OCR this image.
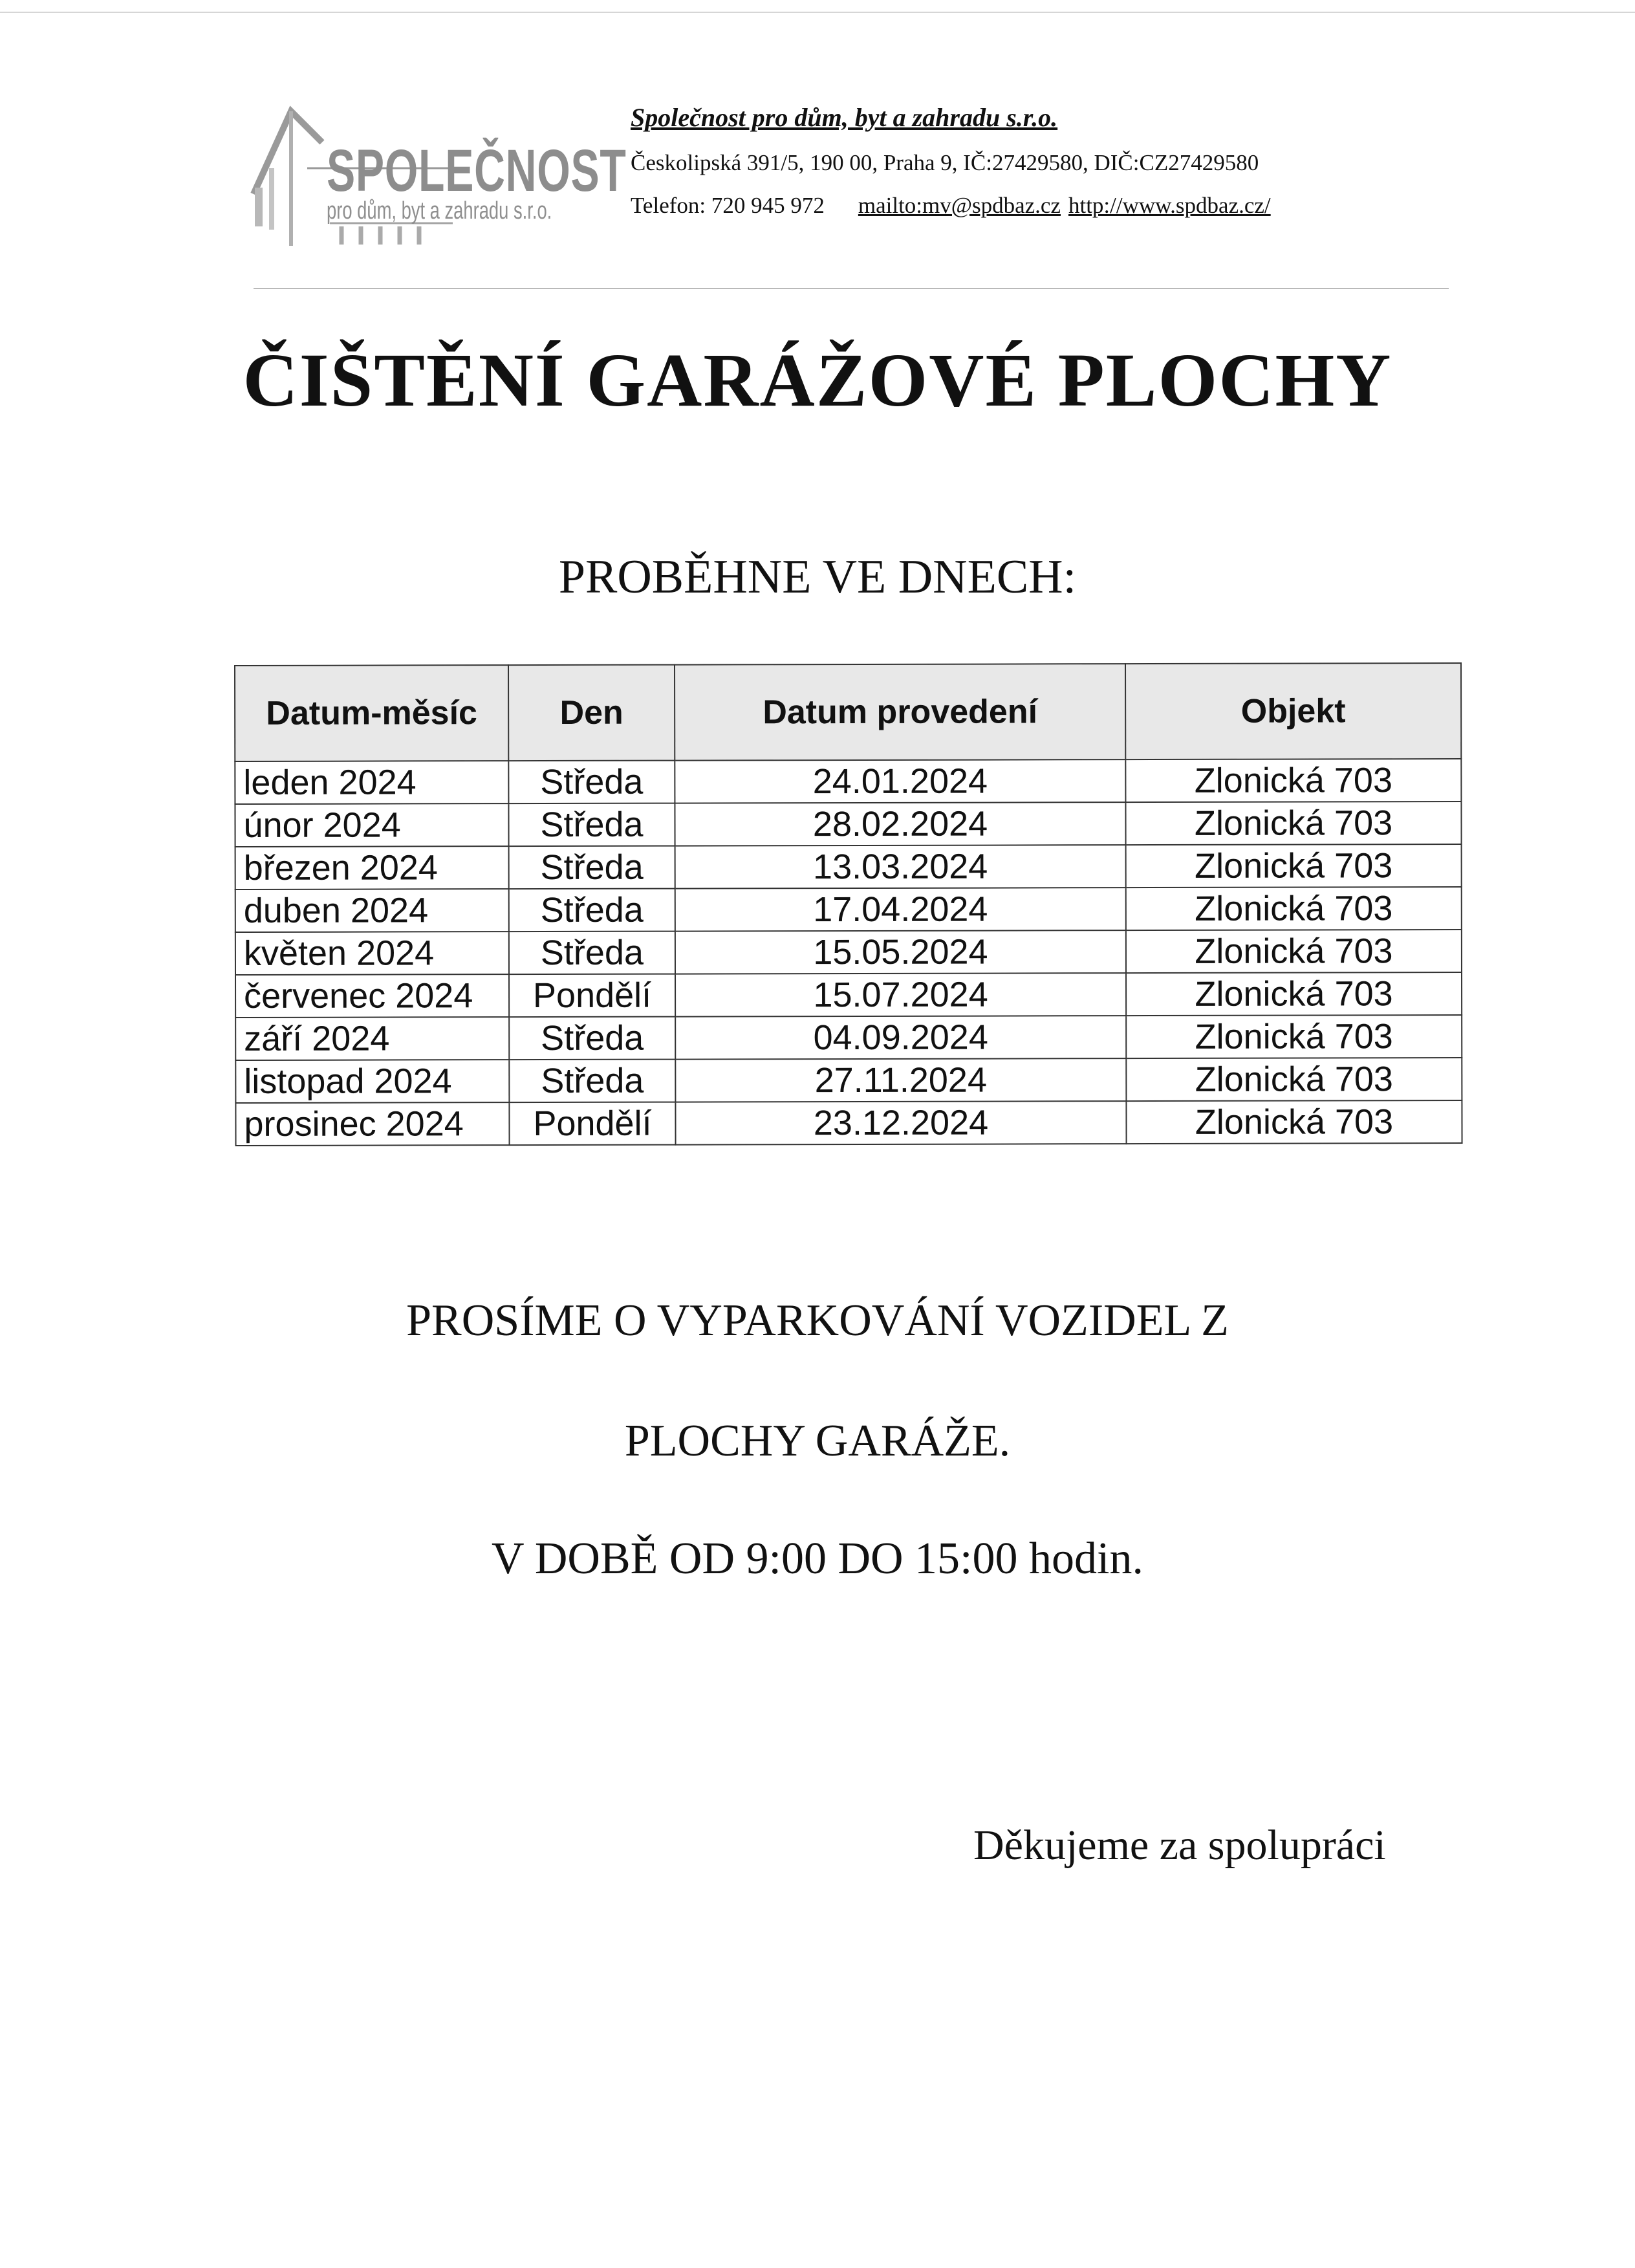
SPOLEČNOST
pro dům, byt a zahradu s.r.o.
Společnost pro dům, byt a zahradu s.r.o.
Českolipská 391/5, 190 00, Praha 9, IČ:27429580, DIČ:CZ27429580
Telefon: 720 945 972 mailto:mv@spdbaz.cz http://www.spdbaz.cz/
ČIŠTĚNÍ GARÁŽOVÉ PLOCHY
PROBĚHNE VE DNECH:
Datum-měsíc	Den	Datum provedení	Objekt
leden 2024	Středa	24.01.2024	Zlonická 703
únor 2024	Středa	28.02.2024	Zlonická 703
březen 2024	Středa	13.03.2024	Zlonická 703
duben 2024	Středa	17.04.2024	Zlonická 703
květen 2024	Středa	15.05.2024	Zlonická 703
červenec 2024	Pondělí	15.07.2024	Zlonická 703
září 2024	Středa	04.09.2024	Zlonická 703
listopad 2024	Středa	27.11.2024	Zlonická 703
prosinec 2024	Pondělí	23.12.2024	Zlonická 703
PROSÍME O VYPARKOVÁNÍ VOZIDEL Z
PLOCHY GARÁŽE.
V DOBĚ OD 9:00 DO 15:00 hodin.
Děkujeme za spolupráci
